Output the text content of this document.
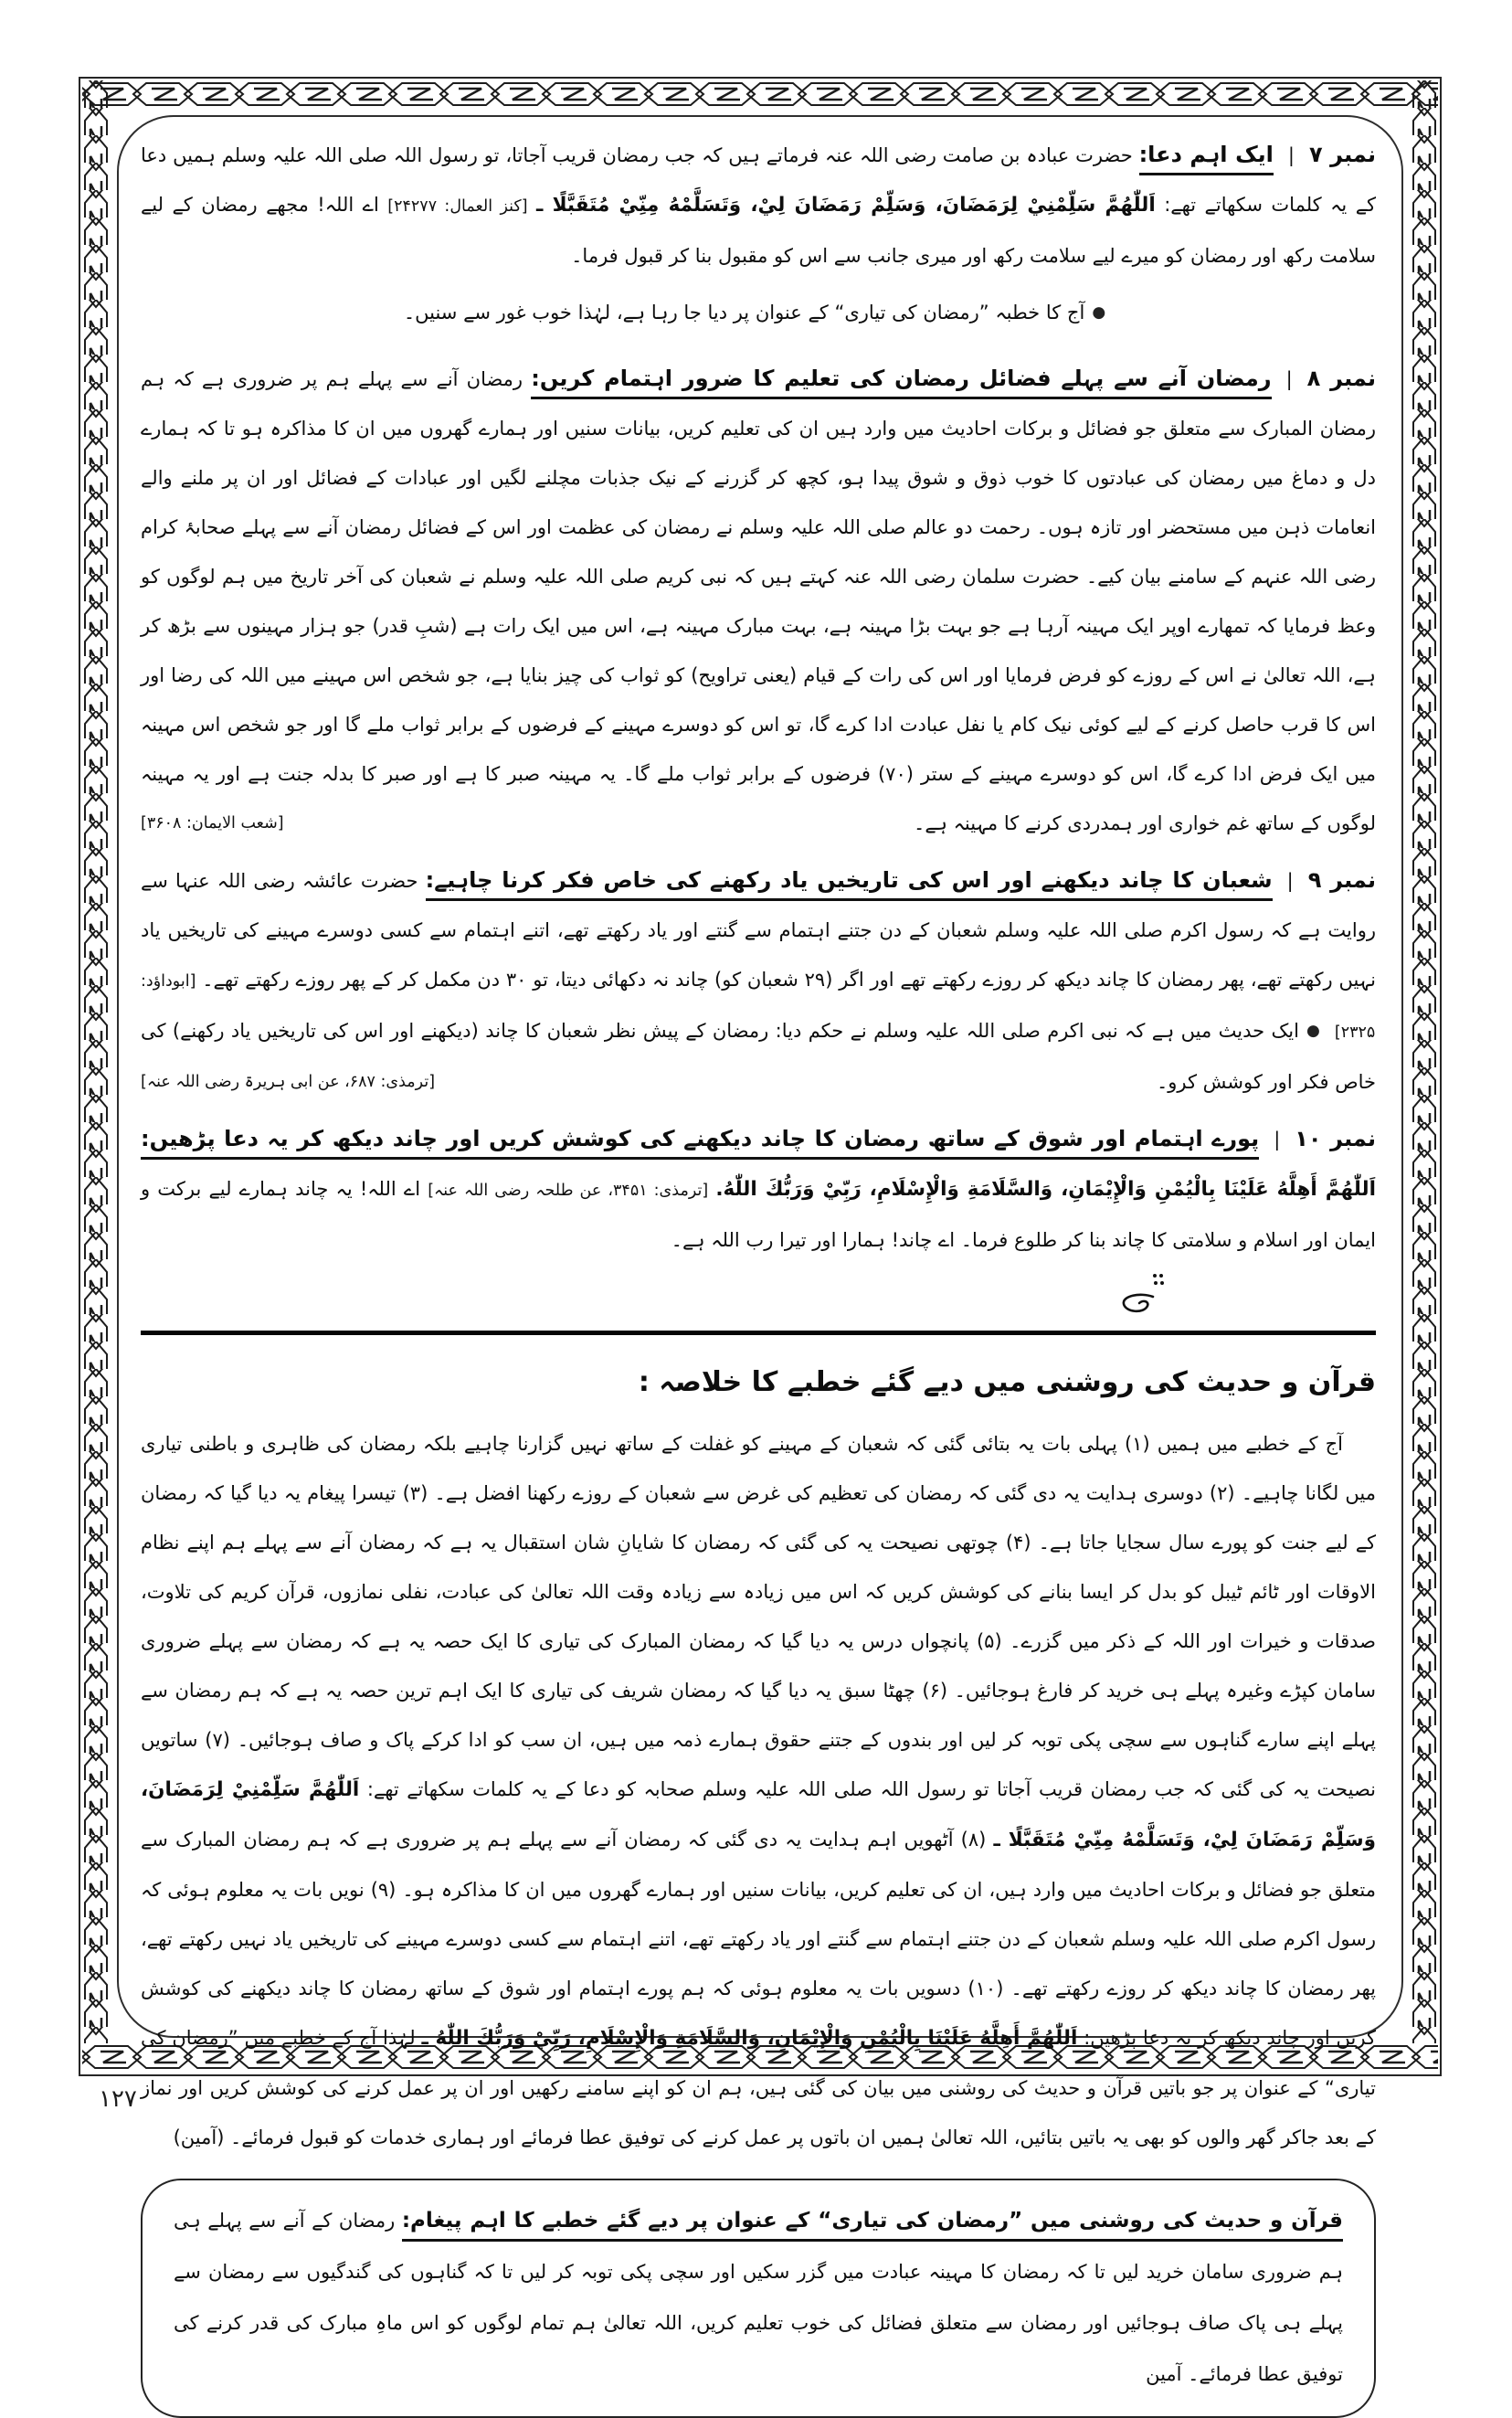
نمبر ۷|ایک اہم دعا: حضرت عبادہ بن صامت رضی اللہ عنہ فرماتے ہیں کہ جب رمضان قریب آجاتا، تو رسول اللہ صلی اللہ علیہ وسلم ہمیں دعا کے یہ کلمات سکھاتے تھے: اَللّٰهُمَّ سَلِّمْنِيْ لِرَمَضَانَ، وَسَلِّمْ رَمَضَانَ لِيْ، وَتَسَلَّمْهُ مِنِّيْ مُتَقَبَّلًا ـ [کنز العمال: ۲۴۲۷۷] اے اللہ! مجھے رمضان کے لیے سلامت رکھ اور رمضان کو میرے لیے سلامت رکھ اور میری جانب سے اس کو مقبول بنا کر قبول فرما۔

●آج کا خطبہ ”رمضان کی تیاری“ کے عنوان پر دیا جا رہا ہے، لہٰذا خوب غور سے سنیں۔

نمبر ۸|رمضان آنے سے پہلے فضائل رمضان کی تعلیم کا ضرور اہتمام کریں: رمضان آنے سے پہلے ہم پر ضروری ہے کہ ہم رمضان المبارک سے متعلق جو فضائل و برکات احادیث میں وارد ہیں ان کی تعلیم کریں، بیانات سنیں اور ہمارے گھروں میں ان کا مذاکرہ ہو تا کہ ہمارے دل و دماغ میں رمضان کی عبادتوں کا خوب ذوق و شوق پیدا ہو، کچھ کر گزرنے کے نیک جذبات مچلنے لگیں اور عبادات کے فضائل اور ان پر ملنے والے انعامات ذہن میں مستحضر اور تازہ ہوں۔ رحمت دو عالم صلی اللہ علیہ وسلم نے رمضان کی عظمت اور اس کے فضائل رمضان آنے سے پہلے صحابۂ کرام رضی اللہ عنہم کے سامنے بیان کیے۔ حضرت سلمان رضی اللہ عنہ کہتے ہیں کہ نبی کریم صلی اللہ علیہ وسلم نے شعبان کی آخر تاریخ میں ہم لوگوں کو وعظ فرمایا کہ تمھارے اوپر ایک مہینہ آرہا ہے جو بہت بڑا مہینہ ہے، بہت مبارک مہینہ ہے، اس میں ایک رات ہے (شبِ قدر) جو ہزار مہینوں سے بڑھ کر ہے، اللہ تعالیٰ نے اس کے روزے کو فرض فرمایا اور اس کی رات کے قیام (یعنی تراویح) کو ثواب کی چیز بنایا ہے، جو شخص اس مہینے میں اللہ کی رضا اور اس کا قرب حاصل کرنے کے لیے کوئی نیک کام یا نفل عبادت ادا کرے گا، تو اس کو دوسرے مہینے کے فرضوں کے برابر ثواب ملے گا اور جو شخص اس مہینہ میں ایک فرض ادا کرے گا، اس کو دوسرے مہینے کے ستر (۷۰) فرضوں کے برابر ثواب ملے گا۔ یہ مہینہ صبر کا ہے اور صبر کا بدلہ جنت ہے اور یہ مہینہ لوگوں کے ساتھ غم خواری اور ہمدردی کرنے کا مہینہ ہے۔
[شعب الایمان: ۳۶۰۸]

نمبر ۹|شعبان کا چاند دیکھنے اور اس کی تاریخیں یاد رکھنے کی خاص فکر کرنا چاہیے: حضرت عائشہ رضی اللہ عنہا سے روایت ہے کہ رسول اکرم صلی اللہ علیہ وسلم شعبان کے دن جتنے اہتمام سے گنتے اور یاد رکھتے تھے، اتنے اہتمام سے کسی دوسرے مہینے کی تاریخیں یاد نہیں رکھتے تھے، پھر رمضان کا چاند دیکھ کر روزے رکھتے تھے اور اگر (۲۹ شعبان کو) چاند نہ دکھائی دیتا، تو ۳۰ دن مکمل کر کے پھر روزے رکھتے تھے۔ [ابوداؤد: ۲۳۲۵] ●ایک حدیث میں ہے کہ نبی اکرم صلی اللہ علیہ وسلم نے حکم دیا: رمضان کے پیش نظر شعبان کا چاند (دیکھنے اور اس کی تاریخیں یاد رکھنے) کی خاص فکر اور کوشش کرو۔
[ترمذی: ۶۸۷، عن ابی ہریرۃ رضی اللہ عنہ]

نمبر ۱۰|پورے اہتمام اور شوق کے ساتھ رمضان کا چاند دیکھنے کی کوشش کریں اور چاند دیکھ کر یہ دعا پڑھیں: اَللّٰهُمَّ أَهِلَّهُ عَلَيْنَا بِالْيُمْنِ وَالْإِيْمَانِ، وَالسَّلَامَةِ وَالْإِسْلَامِ، رَبِّيْ وَرَبُّكَ اللّٰهُ. [ترمذی: ۳۴۵۱، عن طلحہ رضی اللہ عنہ] اے اللہ! یہ چاند ہمارے لیے برکت و ایمان اور اسلام و سلامتی کا چاند بنا کر طلوع فرما۔ اے چاند! ہمارا اور تیرا رب اللہ ہے۔

قرآن و حدیث کی روشنی میں دیے گئے خطبے کا خلاصہ :

آج کے خطبے میں ہمیں (۱) پہلی بات یہ بتائی گئی کہ شعبان کے مہینے کو غفلت کے ساتھ نہیں گزارنا چاہیے بلکہ رمضان کی ظاہری و باطنی تیاری میں لگانا چاہیے۔ (۲) دوسری ہدایت یہ دی گئی کہ رمضان کی تعظیم کی غرض سے شعبان کے روزے رکھنا افضل ہے۔ (۳) تیسرا پیغام یہ دیا گیا کہ رمضان کے لیے جنت کو پورے سال سجایا جاتا ہے۔ (۴) چوتھی نصیحت یہ کی گئی کہ رمضان کا شایانِ شان استقبال یہ ہے کہ رمضان آنے سے پہلے ہم اپنے نظام الاوقات اور ٹائم ٹیبل کو بدل کر ایسا بنانے کی کوشش کریں کہ اس میں زیادہ سے زیادہ وقت اللہ تعالیٰ کی عبادت، نفلی نمازوں، قرآن کریم کی تلاوت، صدقات و خیرات اور اللہ کے ذکر میں گزرے۔ (۵) پانچواں درس یہ دیا گیا کہ رمضان المبارک کی تیاری کا ایک حصہ یہ ہے کہ رمضان سے پہلے ضروری سامان کپڑے وغیرہ پہلے ہی خرید کر فارغ ہوجائیں۔ (۶) چھٹا سبق یہ دیا گیا کہ رمضان شریف کی تیاری کا ایک اہم ترین حصہ یہ ہے کہ ہم رمضان سے پہلے اپنے سارے گناہوں سے سچی پکی توبہ کر لیں اور بندوں کے جتنے حقوق ہمارے ذمہ میں ہیں، ان سب کو ادا کرکے پاک و صاف ہوجائیں۔ (۷) ساتویں نصیحت یہ کی گئی کہ جب رمضان قریب آجاتا تو رسول اللہ صلی اللہ علیہ وسلم صحابہ کو دعا کے یہ کلمات سکھاتے تھے: اَللّٰهُمَّ سَلِّمْنِيْ لِرَمَضَانَ، وَسَلِّمْ رَمَضَانَ لِيْ، وَتَسَلَّمْهُ مِنِّيْ مُتَقَبَّلًا ـ (۸) آٹھویں اہم ہدایت یہ دی گئی کہ رمضان آنے سے پہلے ہم پر ضروری ہے کہ ہم رمضان المبارک سے متعلق جو فضائل و برکات احادیث میں وارد ہیں، ان کی تعلیم کریں، بیانات سنیں اور ہمارے گھروں میں ان کا مذاکرہ ہو۔ (۹) نویں بات یہ معلوم ہوئی کہ رسول اکرم صلی اللہ علیہ وسلم شعبان کے دن جتنے اہتمام سے گنتے اور یاد رکھتے تھے، اتنے اہتمام سے کسی دوسرے مہینے کی تاریخیں یاد نہیں رکھتے تھے، پھر رمضان کا چاند دیکھ کر روزے رکھتے تھے۔ (۱۰) دسویں بات یہ معلوم ہوئی کہ ہم پورے اہتمام اور شوق کے ساتھ رمضان کا چاند دیکھنے کی کوشش کریں اور چاند دیکھ کر یہ دعا پڑھیں: اَللّٰهُمَّ أَهِلَّهُ عَلَيْنَا بِالْيُمْنِ وَالْإِيْمَانِ، وَالسَّلَامَةِ وَالْإِسْلَامِ، رَبِّيْ وَرَبُّكَ اللّٰهُ ـ لہٰذا آج کے خطبے میں ”رمضان کی تیاری“ کے عنوان پر جو باتیں قرآن و حدیث کی روشنی میں بیان کی گئی ہیں، ہم ان کو اپنے سامنے رکھیں اور ان پر عمل کرنے کی کوشش کریں اور نماز کے بعد جاکر گھر والوں کو بھی یہ باتیں بتائیں، اللہ تعالیٰ ہمیں ان باتوں پر عمل کرنے کی توفیق عطا فرمائے اور ہماری خدمات کو قبول فرمائے۔ (آمین)

قرآن و حدیث کی روشنی میں ”رمضان کی تیاری“ کے عنوان پر دیے گئے خطبے کا اہم پیغام: رمضان کے آنے سے پہلے ہی ہم ضروری سامان خرید لیں تا کہ رمضان کا مہینہ عبادت میں گزر سکیں اور سچی پکی توبہ کر لیں تا کہ گناہوں کی گندگیوں سے رمضان سے پہلے ہی پاک صاف ہوجائیں اور رمضان سے متعلق فضائل کی خوب تعلیم کریں، اللہ تعالیٰ ہم تمام لوگوں کو اس ماہِ مبارک کی قدر کرنے کی توفیق عطا فرمائے۔ آمین
۱۲۷
